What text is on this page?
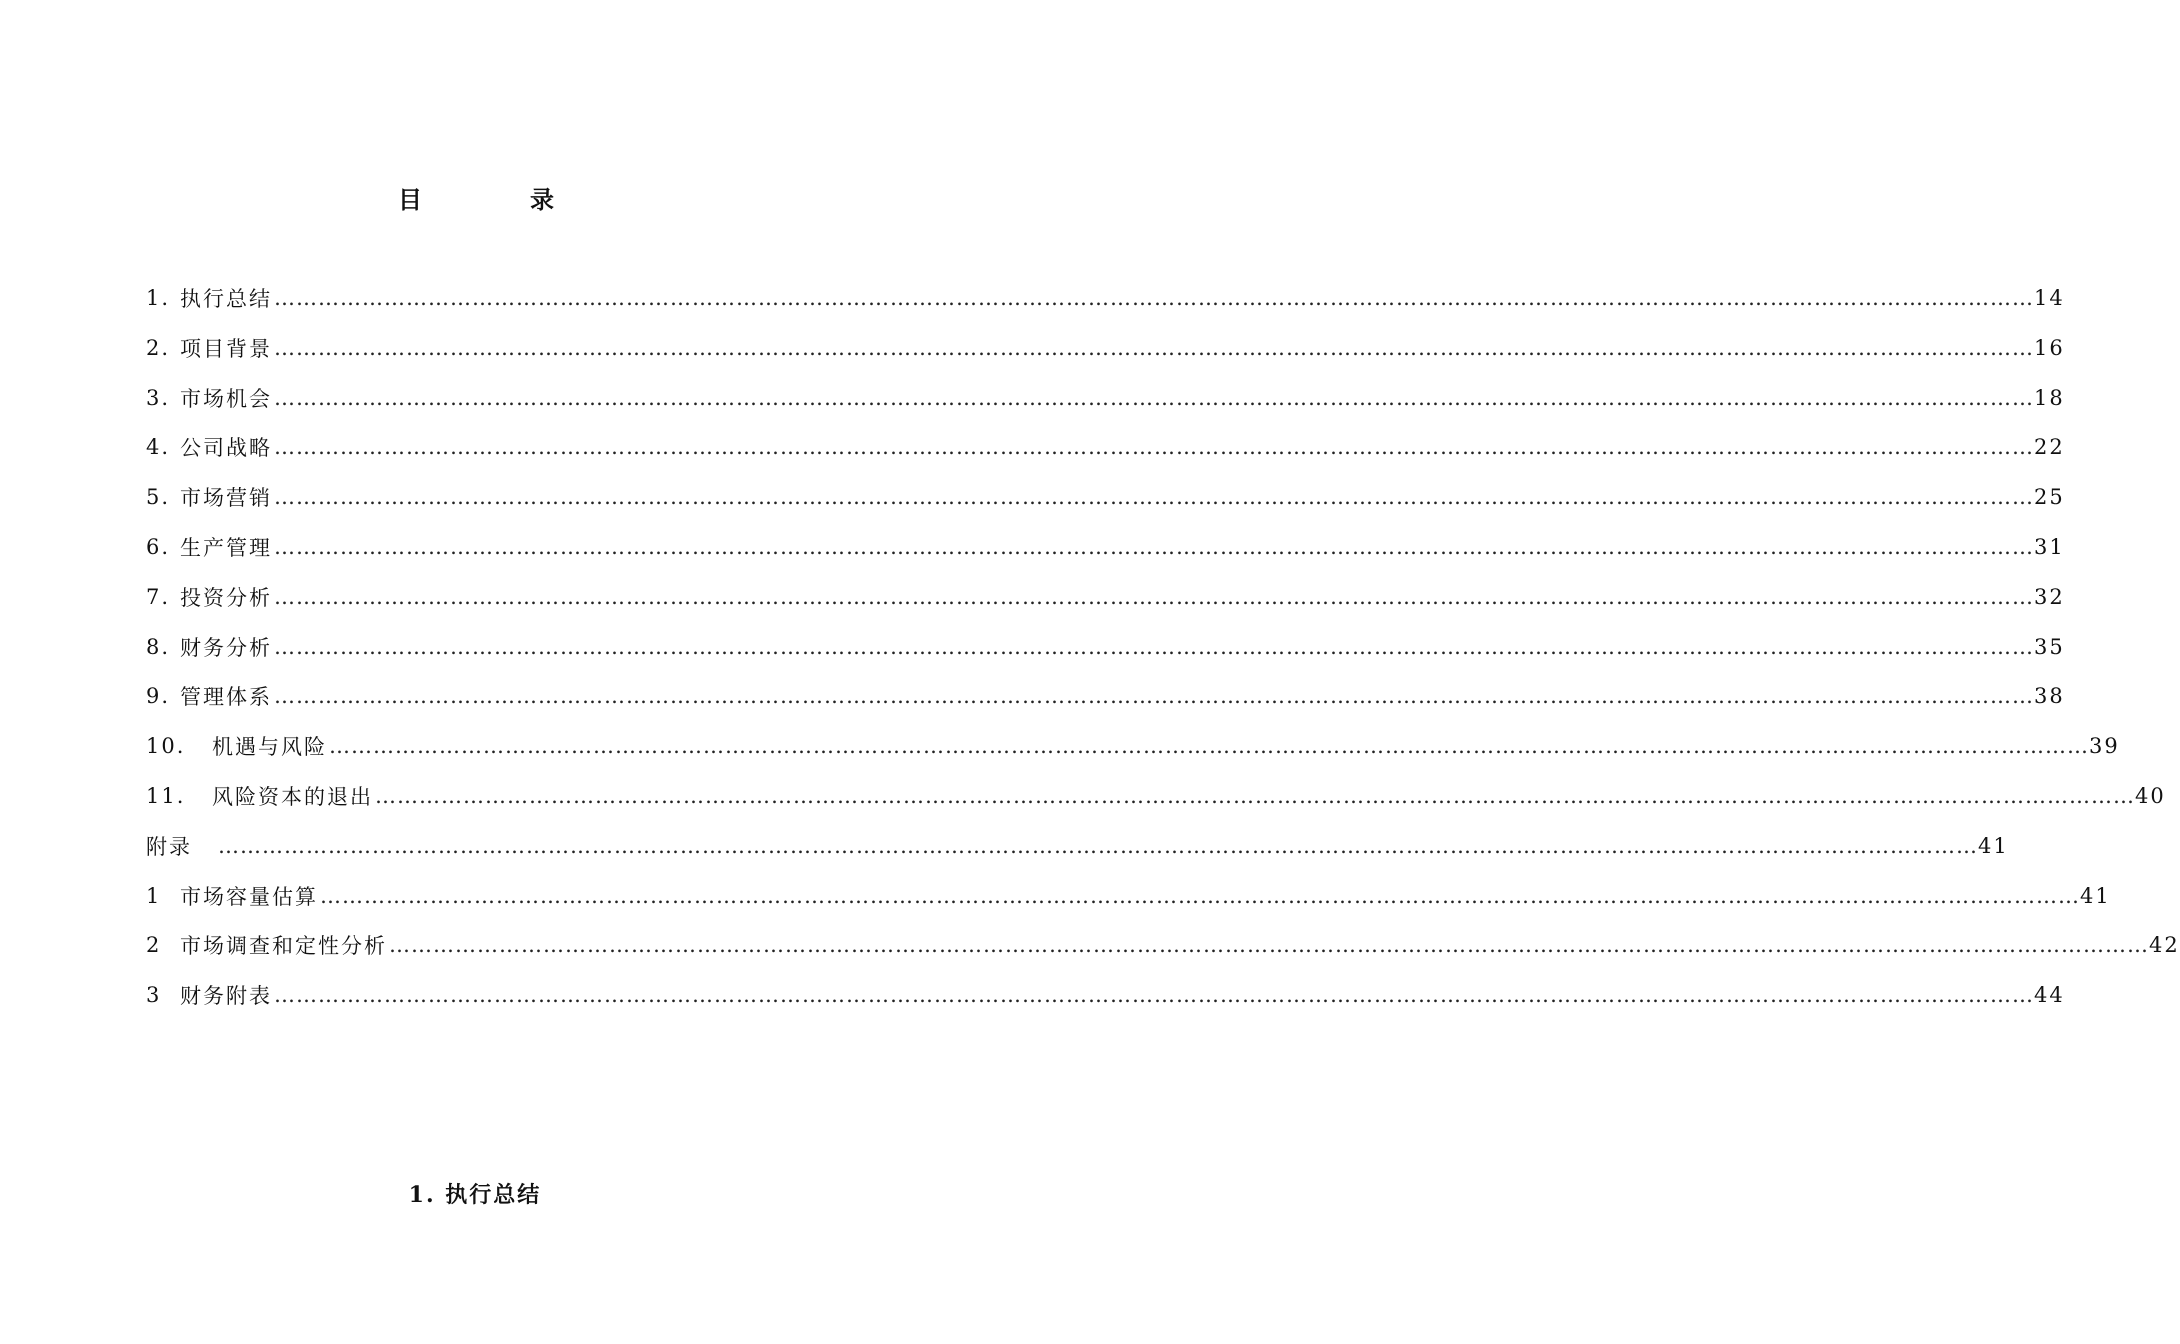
目	录
1. 执行总结 …………………………………………………………………………………………………………………………………………………………………………………………………………………… 14
2. 项目背景 …………………………………………………………………………………………………………………………………………………………………………………………………………………… 16
3. 市场机会 …………………………………………………………………………………………………………………………………………………………………………………………………………………… 18
4. 公司战略 …………………………………………………………………………………………………………………………………………………………………………………………………………………… 22
5. 市场营销 …………………………………………………………………………………………………………………………………………………………………………………………………………………… 25
6. 生产管理 …………………………………………………………………………………………………………………………………………………………………………………………………………………… 31
7. 投资分析 …………………………………………………………………………………………………………………………………………………………………………………………………………………… 32
8. 财务分析 …………………………………………………………………………………………………………………………………………………………………………………………………………………… 35
9. 管理体系 …………………………………………………………………………………………………………………………………………………………………………………………………………………… 38
10.	机遇与风险 …………………………………………………………………………………………………………………………………………………………………………………………………………………… 39
11.	风险资本的退出 …………………………………………………………………………………………………………………………………………………………………………………………………………………… 40
附录 …………………………………………………………………………………………………………………………………………………………………………………………………………………… 41
1 市场容量估算 …………………………………………………………………………………………………………………………………………………………………………………………………………………… 41
2 市场调查和定性分析 …………………………………………………………………………………………………………………………………………………………………………………………………………………… 42
3 财务附表 …………………………………………………………………………………………………………………………………………………………………………………………………………………… 44
1. 执行总结
